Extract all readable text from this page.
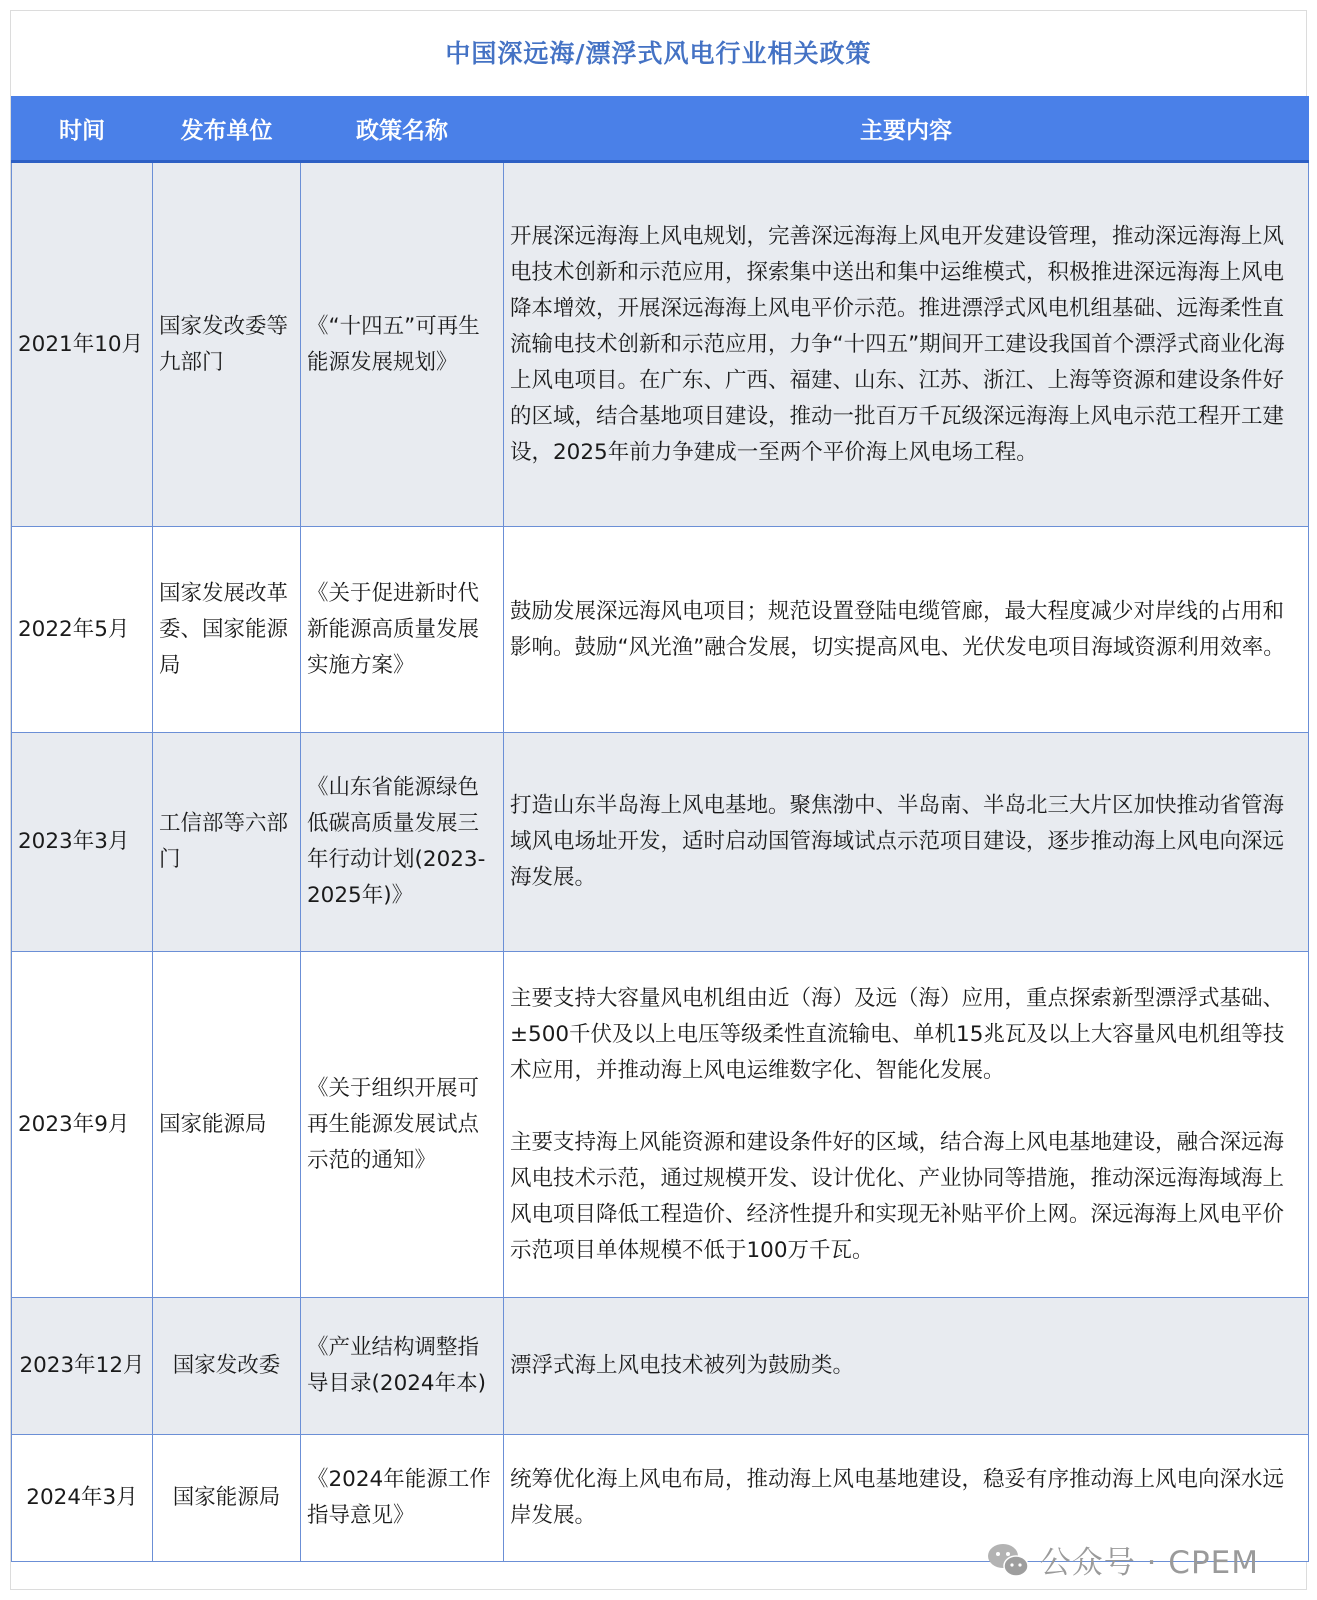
中国深远海/漂浮式风电行业相关政策
时间	发布单位	政策名称	主要内容
2021年10月	国家发改委等九部门	《“十四五”可再生能源发展规划》	开展深远海海上风电规划，完善深远海海上风电开发建设管理，推动深远海海上风电技术创新和示范应用，探索集中送出和集中运维模式，积极推进深远海海上风电降本增效，开展深远海海上风电平价示范。推进漂浮式风电机组基础、远海柔性直流输电技术创新和示范应用，力争“十四五”期间开工建设我国首个漂浮式商业化海上风电项目。在广东、广西、福建、山东、江苏、浙江、上海等资源和建设条件好的区域，结合基地项目建设，推动一批百万千瓦级深远海海上风电示范工程开工建设，2025年前力争建成一至两个平价海上风电场工程。

2022年5月	国家发展改革委、国家能源局	《关于促进新时代新能源高质量发展实施方案》	鼓励发展深远海风电项目；规范设置登陆电缆管廊，最大程度减少对岸线的占用和影响。鼓励“风光渔”融合发展，切实提高风电、光伏发电项目海域资源利用效率。

2023年3月	工信部等六部门	《山东省能源绿色低碳高质量发展三年行动计划(2023-2025年)》	打造山东半岛海上风电基地。聚焦渤中、半岛南、半岛北三大片区加快推动省管海域风电场址开发，适时启动国管海域试点示范项目建设，逐步推动海上风电向深远海发展。

2023年9月	国家能源局	《关于组织开展可再生能源发展试点示范的通知》	主要支持大容量风电机组由近（海）及远（海）应用，重点探索新型漂浮式基础、±500千伏及以上电压等级柔性直流输电、单机15兆瓦及以上大容量风电机组等技术应用，并推动海上风电运维数字化、智能化发展。
主要支持海上风能资源和建设条件好的区域，结合海上风电基地建设，融合深远海风电技术示范，通过规模开发、设计优化、产业协同等措施，推动深远海海域海上风电项目降低工程造价、经济性提升和实现无补贴平价上网。深远海海上风电平价示范项目单体规模不低于100万千瓦。

2023年12月	国家发改委	《产业结构调整指导目录(2024年本)	漂浮式海上风电技术被列为鼓励类。

2024年3月	国家能源局	《2024年能源工作指导意见》	统筹优化海上风电布局，推动海上风电基地建设，稳妥有序推动海上风电向深水远岸发展。
公众号 · CPEM
